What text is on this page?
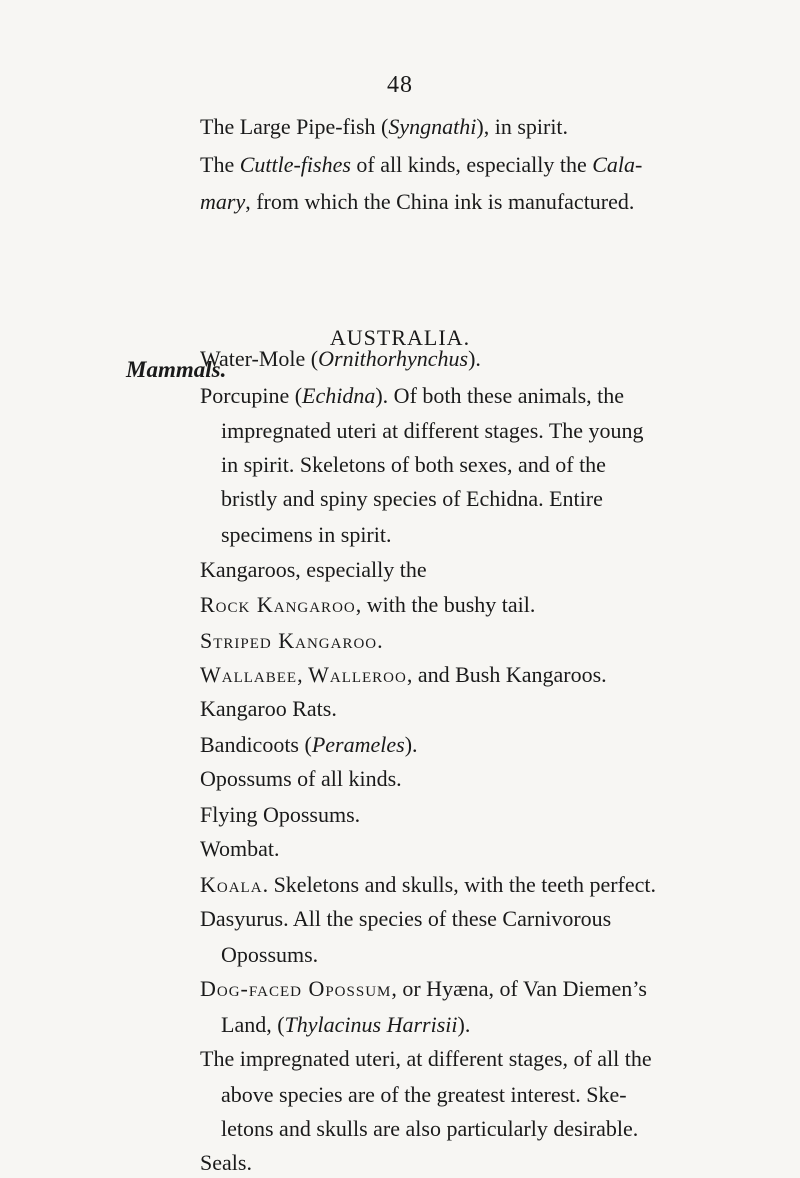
48
The Large Pipe-fish (Syngnathi), in spirit.
The Cuttle-fishes of all kinds, especially the Cala-
mary, from which the China ink is manufactured.
AUSTRALIA.
Mammals.
Water-Mole (Ornithorhynchus).
Porcupine (Echidna). Of both these animals, the
impregnated uteri at different stages. The young
in spirit. Skeletons of both sexes, and of the
bristly and spiny species of Echidna. Entire
specimens in spirit.
Kangaroos, especially the
Rock Kangaroo, with the bushy tail.
Striped Kangaroo.
Wallabee, Walleroo, and Bush Kangaroos.
Kangaroo Rats.
Bandicoots (Perameles).
Opossums of all kinds.
Flying Opossums.
Wombat.
Koala. Skeletons and skulls, with the teeth perfect.
Dasyurus. All the species of these Carnivorous
Opossums.
Dog-faced Opossum, or Hyæna, of Van Diemen’s
Land, (Thylacinus Harrisii).
The impregnated uteri, at different stages, of all the
above species are of the greatest interest. Ske-
letons and skulls are also particularly desirable.
Seals.
